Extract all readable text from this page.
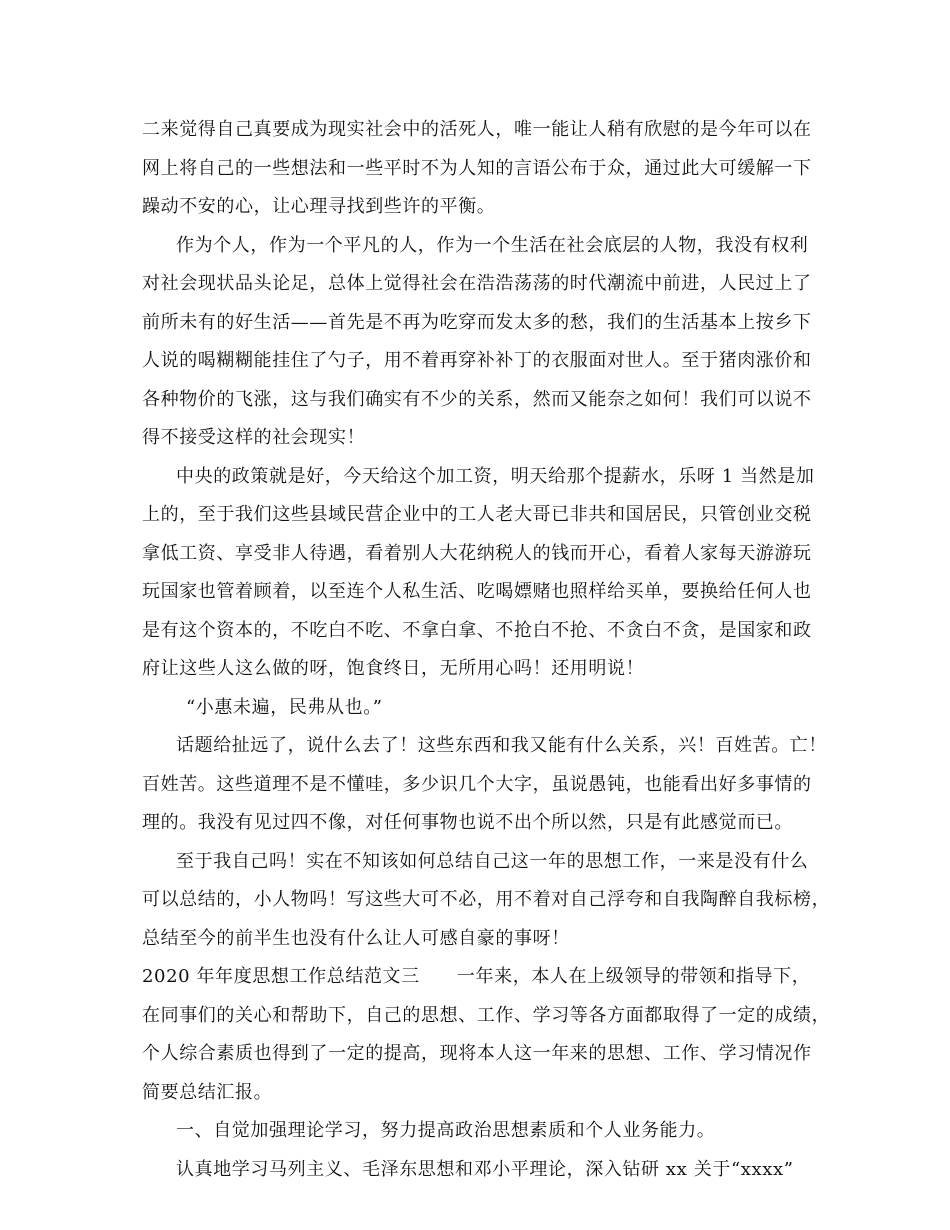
二来觉得自己真要成为现实社会中的活死人，唯一能让人稍有欣慰的是今年可以在
网上将自己的一些想法和一些平时不为人知的言语公布于众，通过此大可缓解一下
躁动不安的心，让心理寻找到些许的平衡。
作为个人，作为一个平凡的人，作为一个生活在社会底层的人物，我没有权利
对社会现状品头论足，总体上觉得社会在浩浩荡荡的时代潮流中前进，人民过上了
前所未有的好生活——首先是不再为吃穿而发太多的愁，我们的生活基本上按乡下
人说的喝糊糊能挂住了勺子，用不着再穿补补丁的衣服面对世人。至于猪肉涨价和
各种物价的飞涨，这与我们确实有不少的关系，然而又能奈之如何！我们可以说不
得不接受这样的社会现实！
中央的政策就是好，今天给这个加工资，明天给那个提薪水，乐呀 1 当然是加
上的，至于我们这些县域民营企业中的工人老大哥已非共和国居民，只管创业交税
拿低工资、享受非人待遇，看着别人大花纳税人的钱而开心，看着人家每天游游玩
玩国家也管着顾着，以至连个人私生活、吃喝嫖赌也照样给买单，要换给任何人也
是有这个资本的，不吃白不吃、不拿白拿、不抢白不抢、不贪白不贪，是国家和政
府让这些人这么做的呀，饱食终日，无所用心吗！还用明说！
“小惠未遍，民弗从也。”
话题给扯远了，说什么去了！这些东西和我又能有什么关系，兴！百姓苦。亡！
百姓苦。这些道理不是不懂哇，多少识几个大字，虽说愚钝，也能看出好多事情的
理的。我没有见过四不像，对任何事物也说不出个所以然，只是有此感觉而已。
至于我自己吗！实在不知该如何总结自己这一年的思想工作，一来是没有什么
可以总结的，小人物吗！写这些大可不必，用不着对自己浮夸和自我陶醉自我标榜，
总结至今的前半生也没有什么让人可感自豪的事呀！
2020 年年度思想工作总结范文三　　一年来，本人在上级领导的带领和指导下，
在同事们的关心和帮助下，自己的思想、工作、学习等各方面都取得了一定的成绩，
个人综合素质也得到了一定的提高，现将本人这一年来的思想、工作、学习情况作
简要总结汇报。
一、自觉加强理论学习，努力提高政治思想素质和个人业务能力。
认真地学习马列主义、毛泽东思想和邓小平理论，深入钻研 xx 关于“xxxx”
